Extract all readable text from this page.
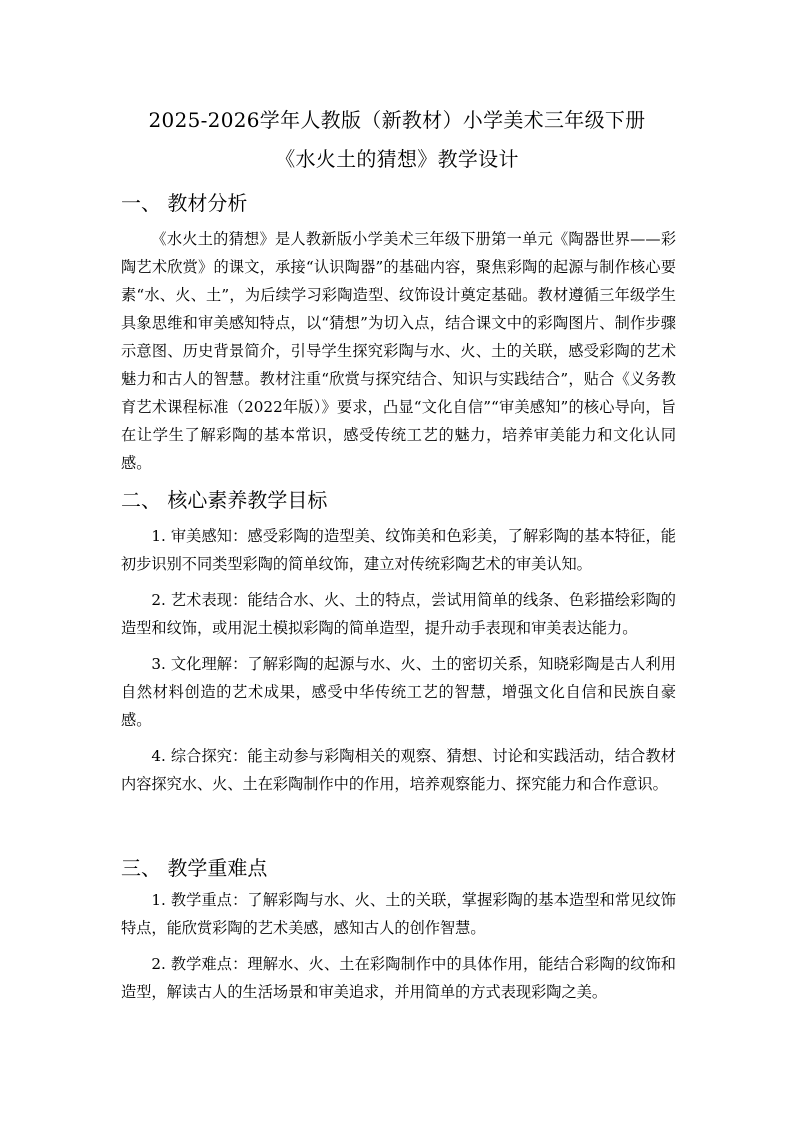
2025-2026学年人教版（新教材）小学美术三年级下册
《水火土的猜想》教学设计
一、 教材分析

《水火土的猜想》是人教新版小学美术三年级下册第一单元《陶器世界——彩陶艺术欣赏》的课文，承接“认识陶器”的基础内容，聚焦彩陶的起源与制作核心要素“水、火、土”，为后续学习彩陶造型、纹饰设计奠定基础。教材遵循三年级学生具象思维和审美感知特点，以“猜想”为切入点，结合课文中的彩陶图片、制作步骤示意图、历史背景简介，引导学生探究彩陶与水、火、土的关联，感受彩陶的艺术魅力和古人的智慧。教材注重“欣赏与探究结合、知识与实践结合”，贴合《义务教育艺术课程标准（2022年版）》要求，凸显“文化自信”“审美感知”的核心导向，旨在让学生了解彩陶的基本常识，感受传统工艺的魅力，培养审美能力和文化认同感。

二、 核心素养教学目标

1. 审美感知：感受彩陶的造型美、纹饰美和色彩美，了解彩陶的基本特征，能初步识别不同类型彩陶的简单纹饰，建立对传统彩陶艺术的审美认知。

2. 艺术表现：能结合水、火、土的特点，尝试用简单的线条、色彩描绘彩陶的造型和纹饰，或用泥土模拟彩陶的简单造型，提升动手表现和审美表达能力。

3. 文化理解：了解彩陶的起源与水、火、土的密切关系，知晓彩陶是古人利用自然材料创造的艺术成果，感受中华传统工艺的智慧，增强文化自信和民族自豪感。

4. 综合探究：能主动参与彩陶相关的观察、猜想、讨论和实践活动，结合教材内容探究水、火、土在彩陶制作中的作用，培养观察能力、探究能力和合作意识。

三、 教学重难点

1. 教学重点：了解彩陶与水、火、土的关联，掌握彩陶的基本造型和常见纹饰特点，能欣赏彩陶的艺术美感，感知古人的创作智慧。

2. 教学难点：理解水、火、土在彩陶制作中的具体作用，能结合彩陶的纹饰和造型，解读古人的生活场景和审美追求，并用简单的方式表现彩陶之美。
